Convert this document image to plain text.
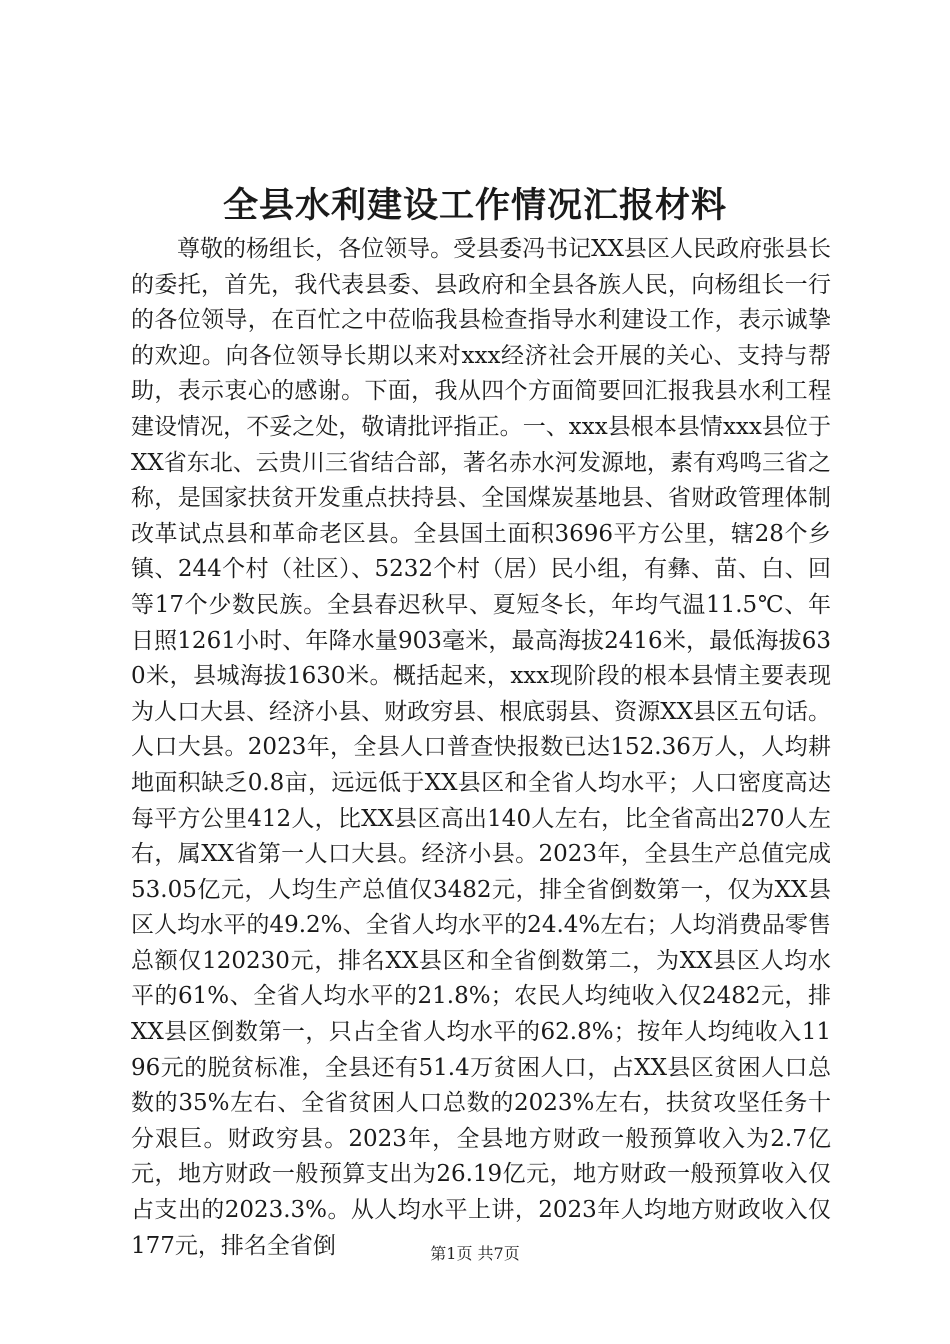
全县水利建设工作情况汇报材料

尊敬的杨组长，各位领导。受县委冯书记XX县区人民政府张县长的委托，首先，我代表县委、县政府和全县各族人民，向杨组长一行的各位领导，在百忙之中莅临我县检查指导水利建设工作，表示诚挚的欢迎。向各位领导长期以来对xxx经济社会开展的关心、支持与帮助，表示衷心的感谢。下面，我从四个方面简要回汇报我县水利工程建设情况，不妥之处，敬请批评指正。一、xxx县根本县情xxx县位于XX省东北、云贵川三省结合部，著名赤水河发源地，素有鸡鸣三省之称，是国家扶贫开发重点扶持县、全国煤炭基地县、省财政管理体制改革试点县和革命老区县。全县国土面积3696平方公里，辖28个乡镇、244个村（社区）、5232个村（居）民小组，有彝、苗、白、回等17个少数民族。全县春迟秋早、夏短冬长，年均气温11.5℃、年日照1261小时、年降水量903毫米，最高海拔2416米，最低海拔630米，县城海拔1630米。概括起来，xxx现阶段的根本县情主要表现为人口大县、经济小县、财政穷县、根底弱县、资源XX县区五句话。人口大县。2023年，全县人口普查快报数已达152.36万人，人均耕地面积缺乏0.8亩，远远低于XX县区和全省人均水平；人口密度高达每平方公里412人，比XX县区高出140人左右，比全省高出270人左右，属XX省第一人口大县。经济小县。2023年，全县生产总值完成53.05亿元，人均生产总值仅3482元，排全省倒数第一，仅为XX县区人均水平的49.2%、全省人均水平的24.4%左右；人均消费品零售总额仅120230元，排名XX县区和全省倒数第二，为XX县区人均水平的61%、全省人均水平的21.8%；农民人均纯收入仅2482元，排XX县区倒数第一，只占全省人均水平的62.8%；按年人均纯收入1196元的脱贫标准，全县还有51.4万贫困人口，占XX县区贫困人口总数的35%左右、全省贫困人口总数的2023%左右，扶贫攻坚任务十分艰巨。财政穷县。2023年，全县地方财政一般预算收入为2.7亿元，地方财政一般预算支出为26.19亿元，地方财政一般预算收入仅占支出的2023.3%。从人均水平上讲，2023年人均地方财政收入仅177元，排名全省倒	第1页 共7页
